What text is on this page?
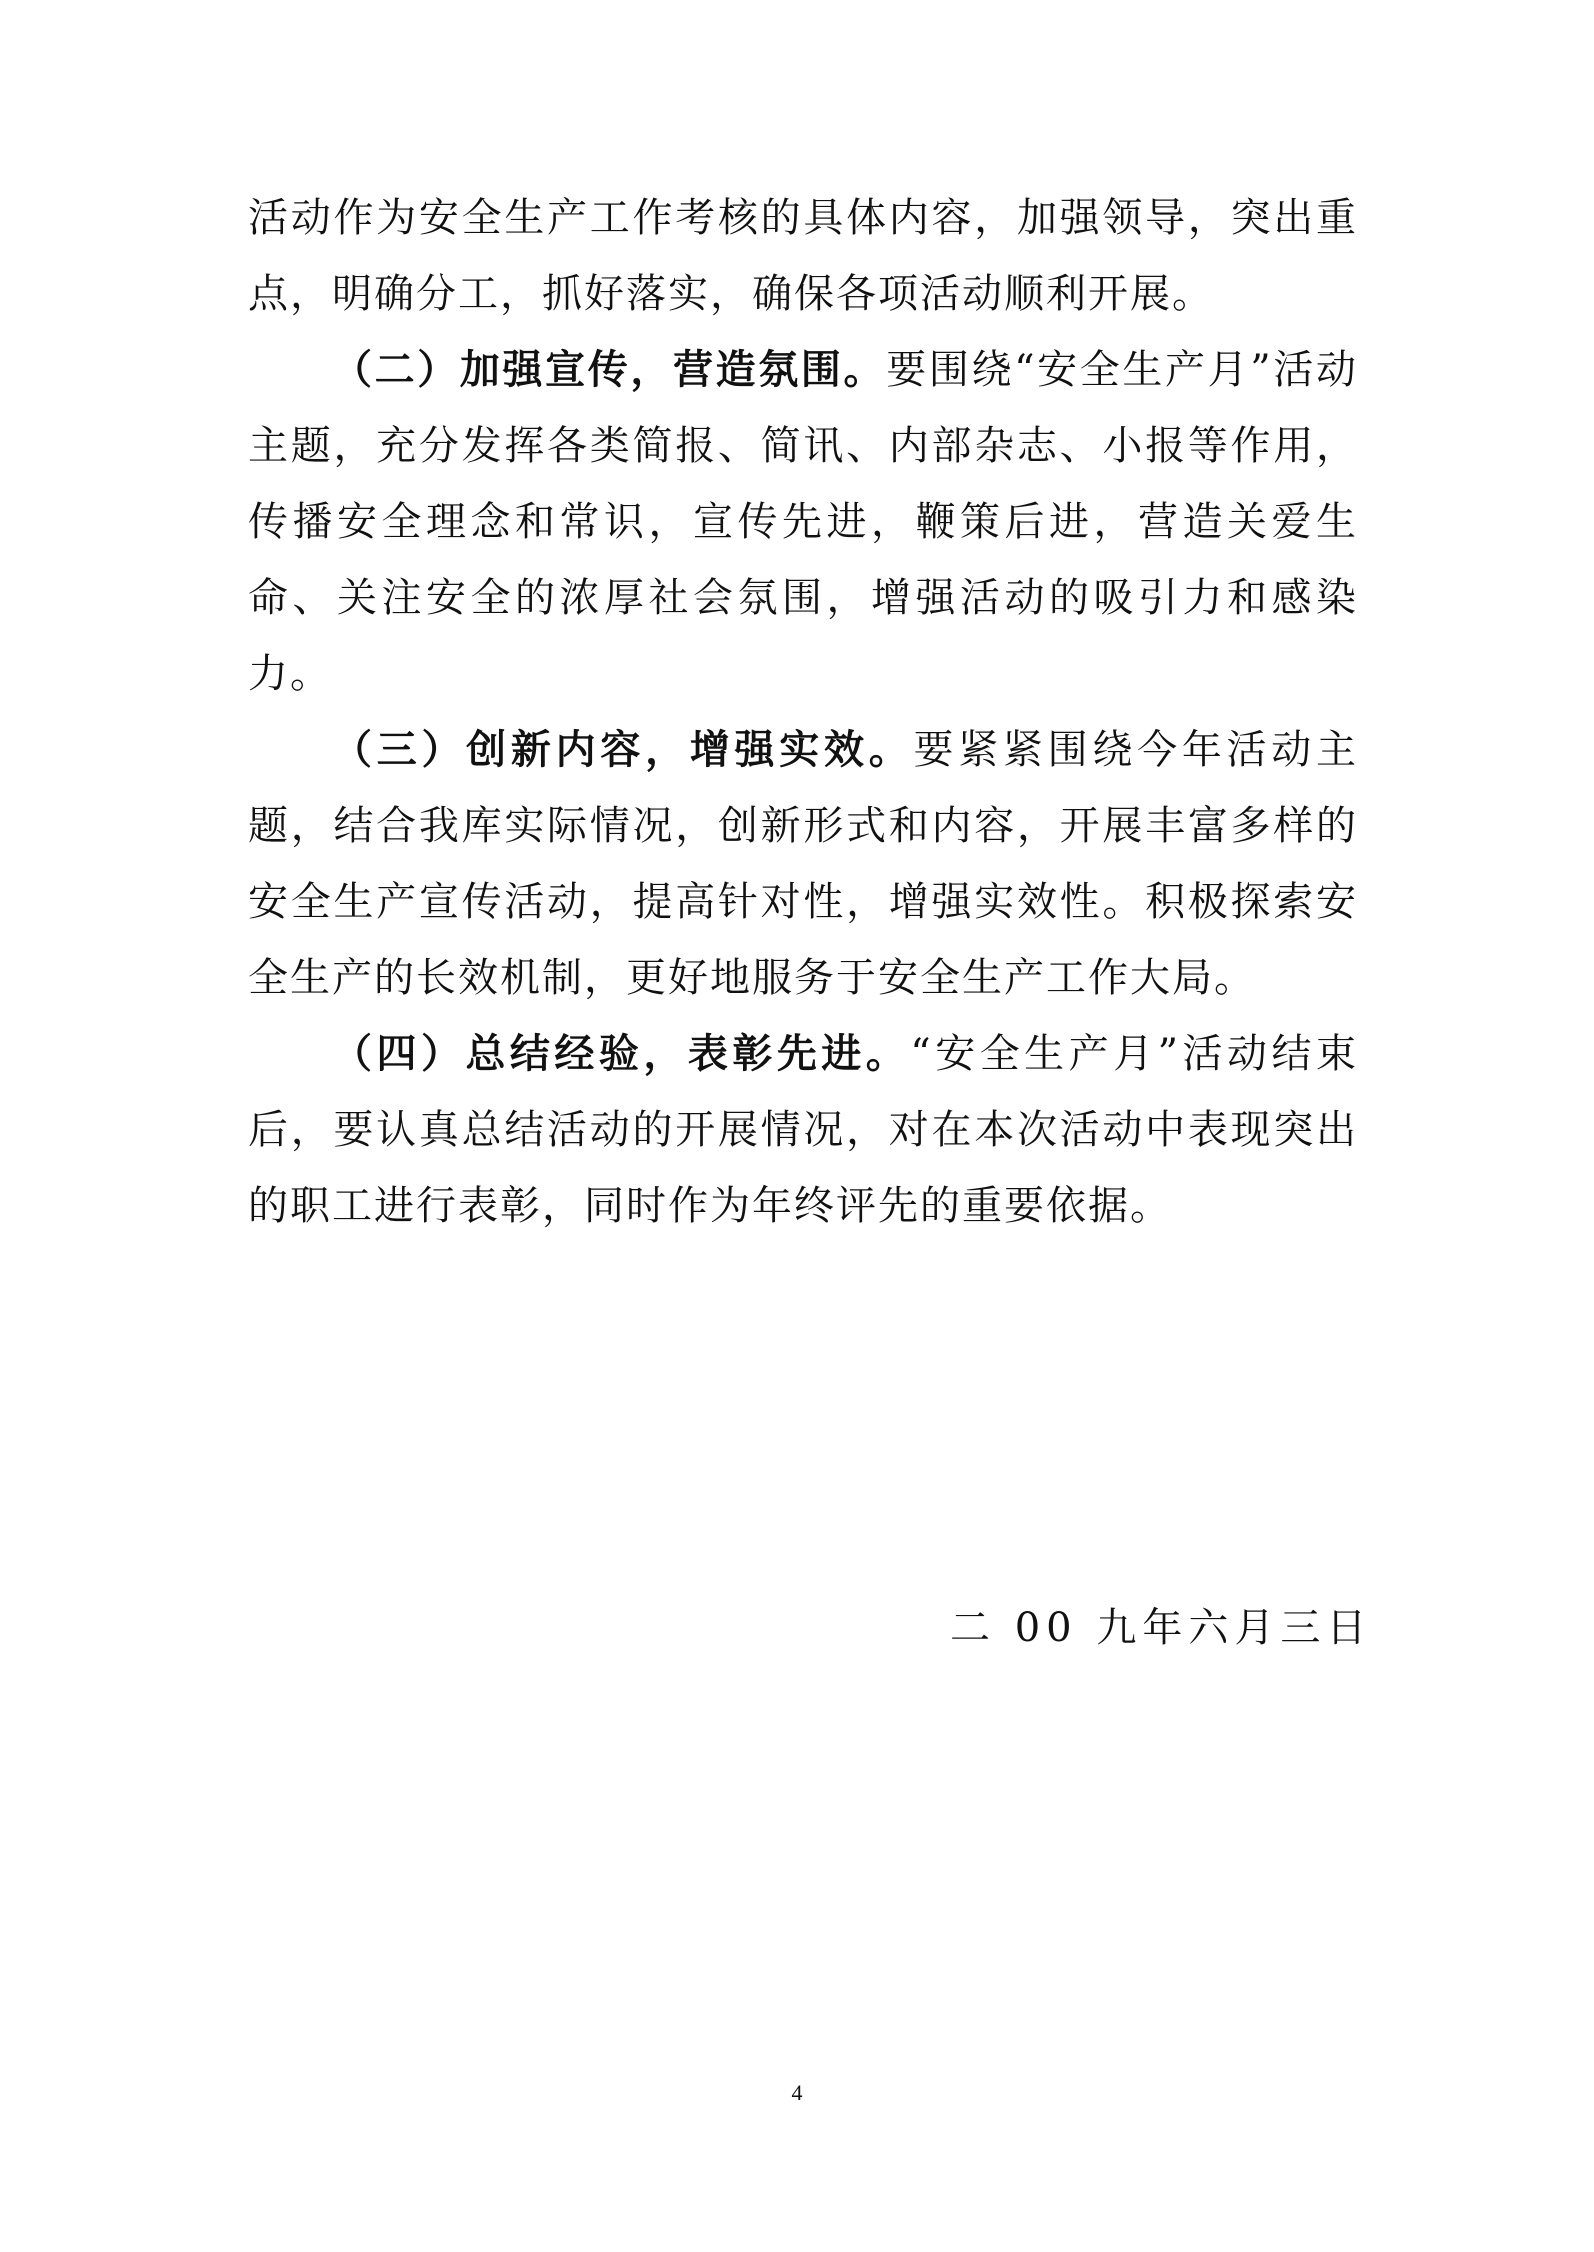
活动作为安全生产工作考核的具体内容，加强领导，突出重点，明确分工，抓好落实，确保各项活动顺利开展。

（二）加强宣传，营造氛围。要围绕“安全生产月”活动主题，充分发挥各类简报、简讯、内部杂志、小报等作用，传播安全理念和常识，宣传先进，鞭策后进，营造关爱生命、关注安全的浓厚社会氛围，增强活动的吸引力和感染力。

（三）创新内容，增强实效。要紧紧围绕今年活动主题，结合我库实际情况，创新形式和内容，开展丰富多样的安全生产宣传活动，提高针对性，增强实效性。积极探索安全生产的长效机制，更好地服务于安全生产工作大局。

（四）总结经验，表彰先进。“安全生产月”活动结束后，要认真总结活动的开展情况，对在本次活动中表现突出的职工进行表彰，同时作为年终评先的重要依据。

二 00 九年六月三日
4
